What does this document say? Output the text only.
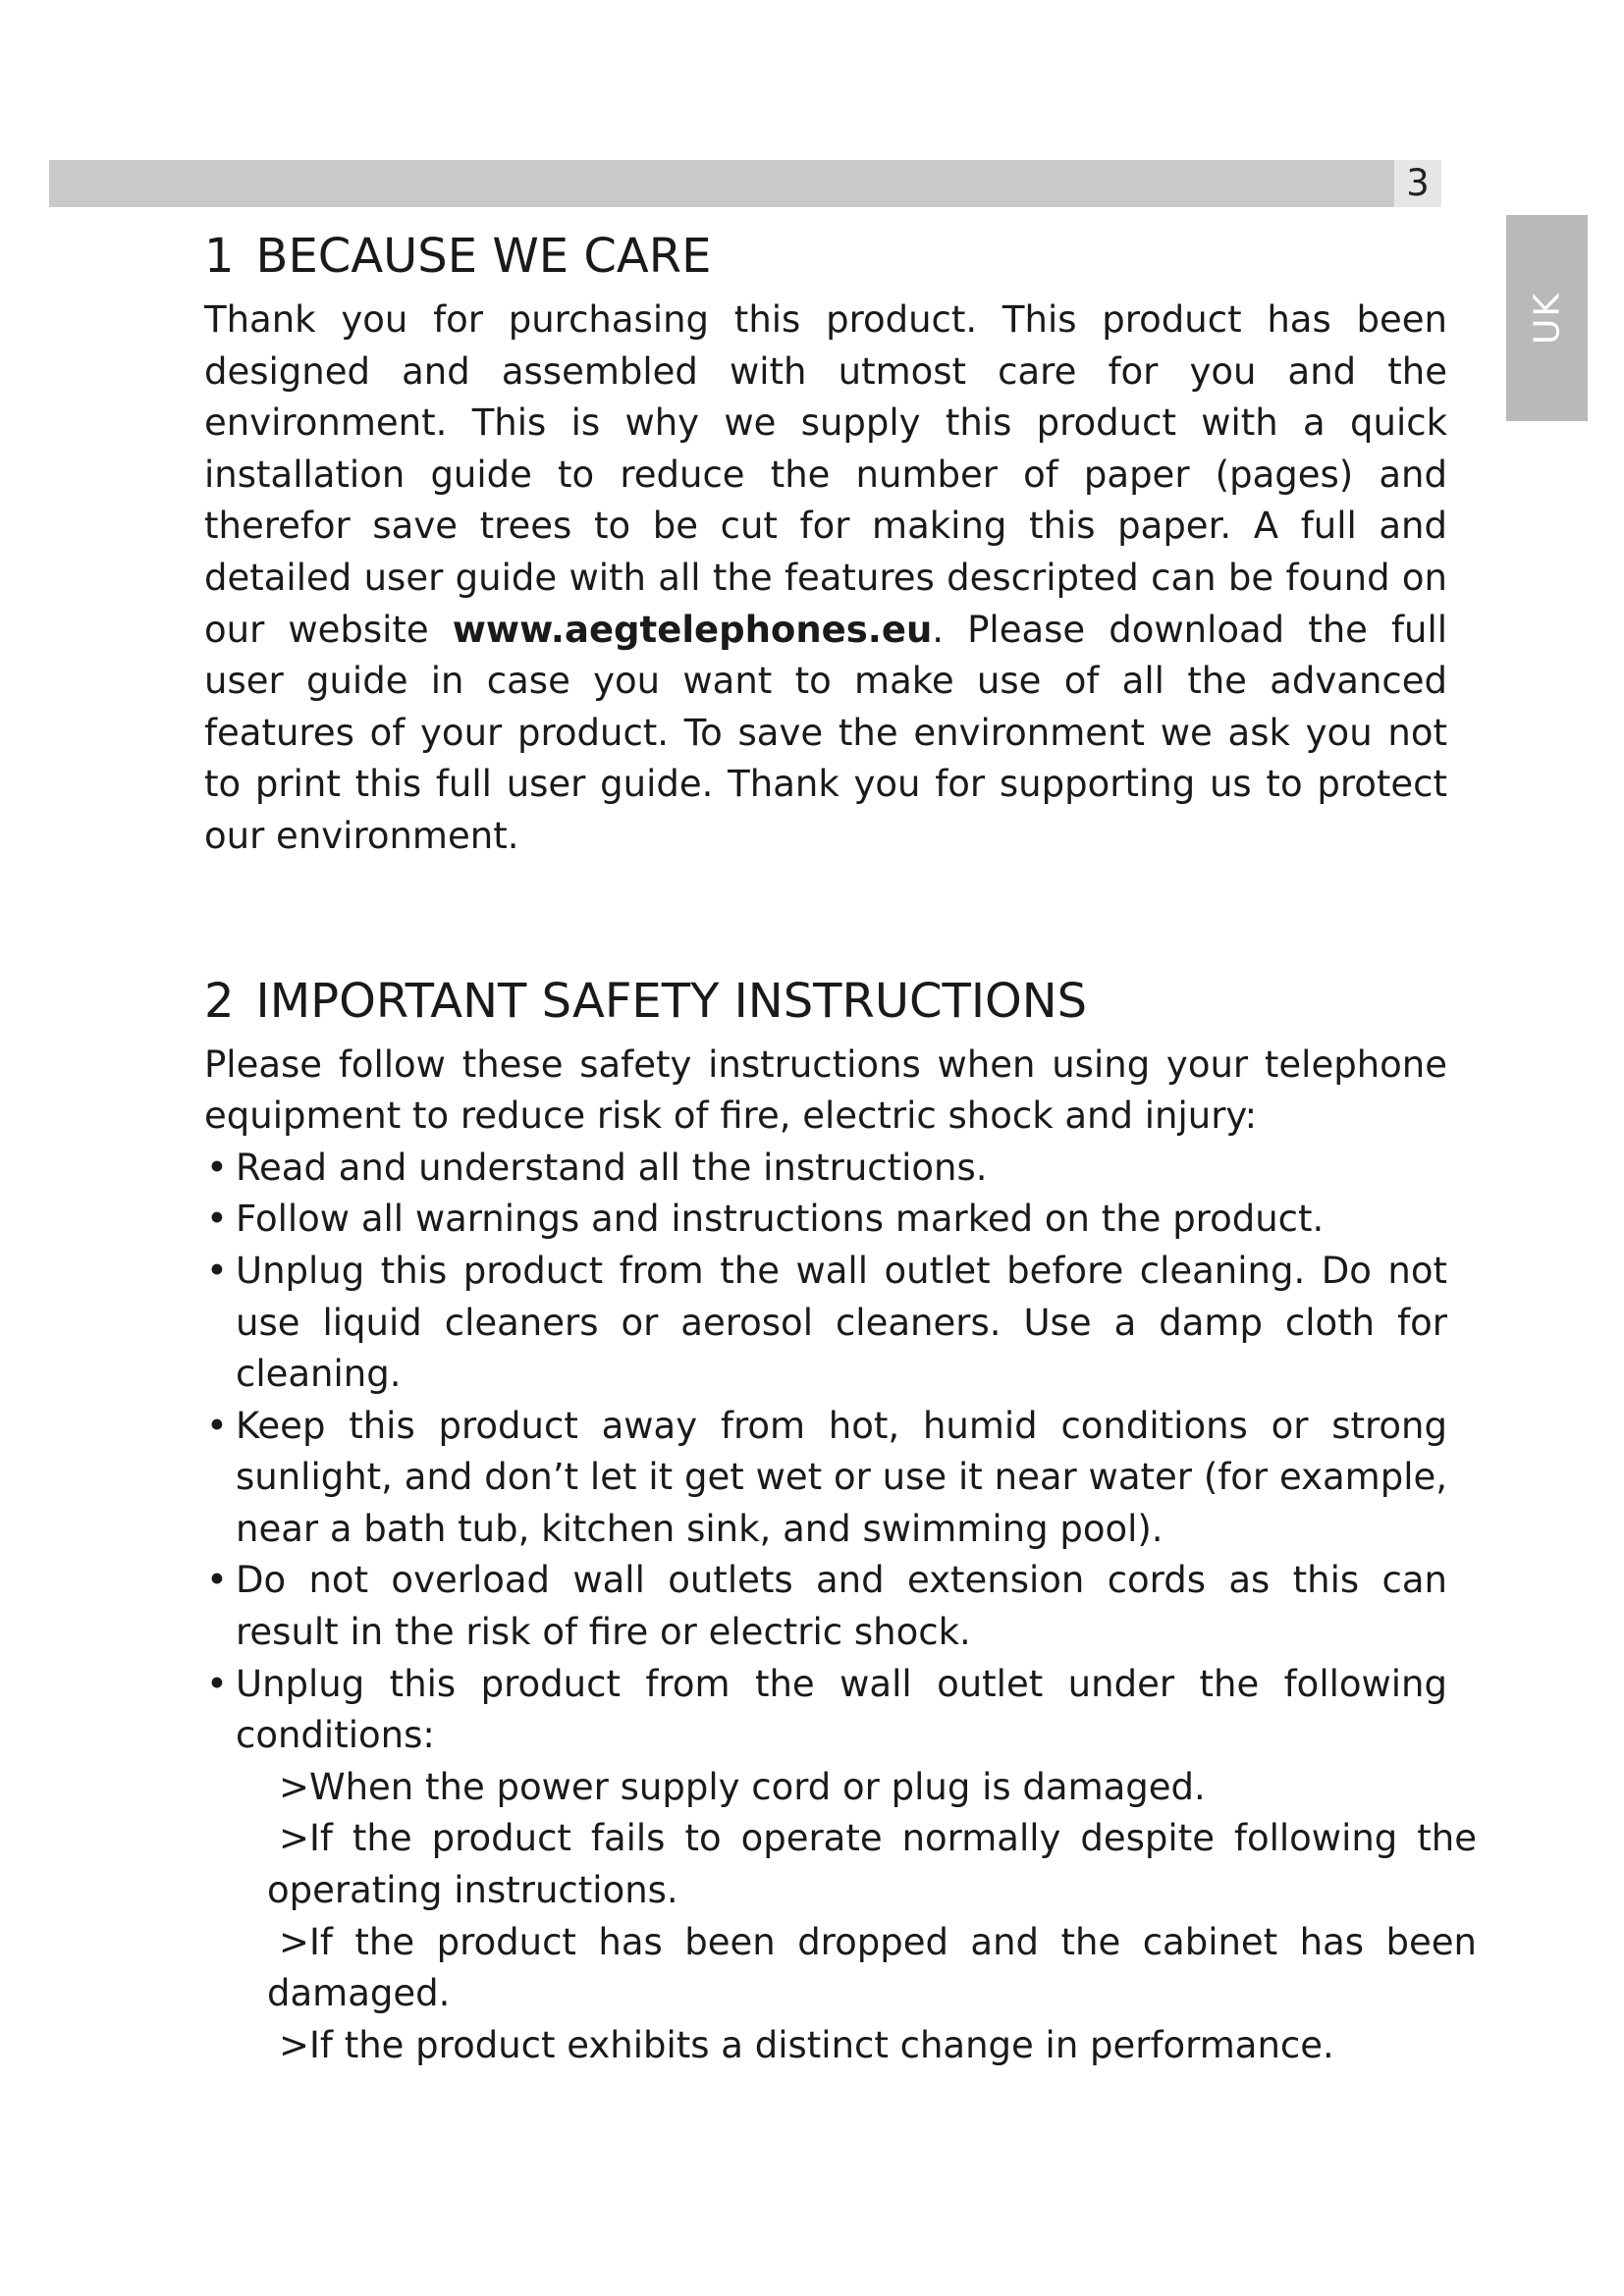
3
UK
1 BECAUSE WE CARE

Thank you for purchasing this product. This product has been designed and assembled with utmost care for you and the environment. This is why we supply this product with a quick installation guide to reduce the number of paper (pages) and therefor save trees to be cut for making this paper. A full and detailed user guide with all the features descripted can be found on our website www.aegtelephones.eu. Please download the full user guide in case you want to make use of all the advanced features of your product. To save the environment we ask you not to print this full user guide. Thank you for supporting us to protect our environment.

2 IMPORTANT SAFETY INSTRUCTIONS

Please follow these safety instructions when using your telephone equipment to reduce risk of fire, electric shock and injury:

• Read and understand all the instructions.
• Follow all warnings and instructions marked on the product.
• Unplug this product from the wall outlet before cleaning. Do not use liquid cleaners or aerosol cleaners. Use a damp cloth for cleaning.
• Keep this product away from hot, humid conditions or strong sunlight, and don’t let it get wet or use it near water (for example, near a bath tub, kitchen sink, and swimming pool).
• Do not overload wall outlets and extension cords as this can result in the risk of fire or electric shock.
• Unplug this product from the wall outlet under the following conditions:
>When the power supply cord or plug is damaged.
>If the product fails to operate normally despite following the operating instructions.
>If the product has been dropped and the cabinet has been damaged.
>If the product exhibits a distinct change in performance.
